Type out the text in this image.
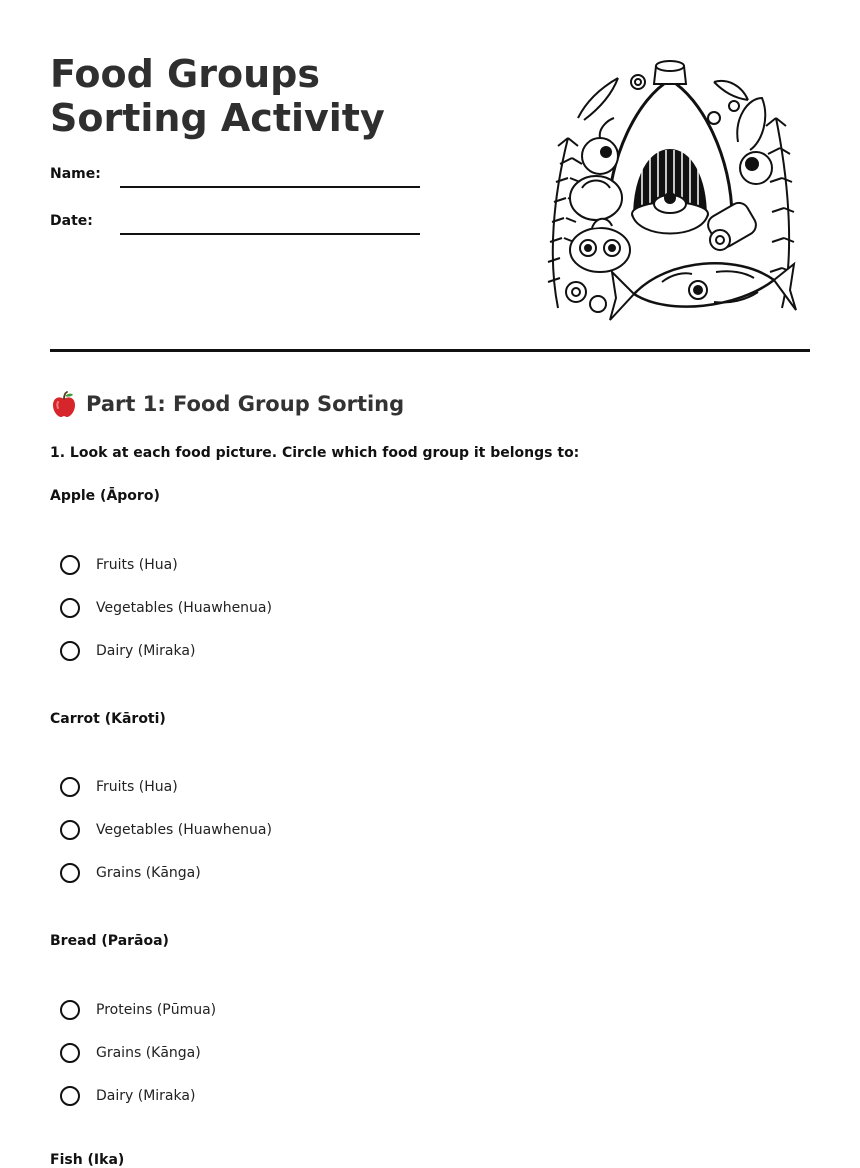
Food Groups Sorting Activity
Name:
Date:
Part 1: Food Group Sorting

1. Look at each food picture. Circle which food group it belongs to:

Apple (Āporo)
Fruits (Hua)
Vegetables (Huawhenua)
Dairy (Miraka)
Carrot (Kāroti)
Fruits (Hua)
Vegetables (Huawhenua)
Grains (Kānga)
Bread (Parāoa)
Proteins (Pūmua)
Grains (Kānga)
Dairy (Miraka)
Fish (Ika)
